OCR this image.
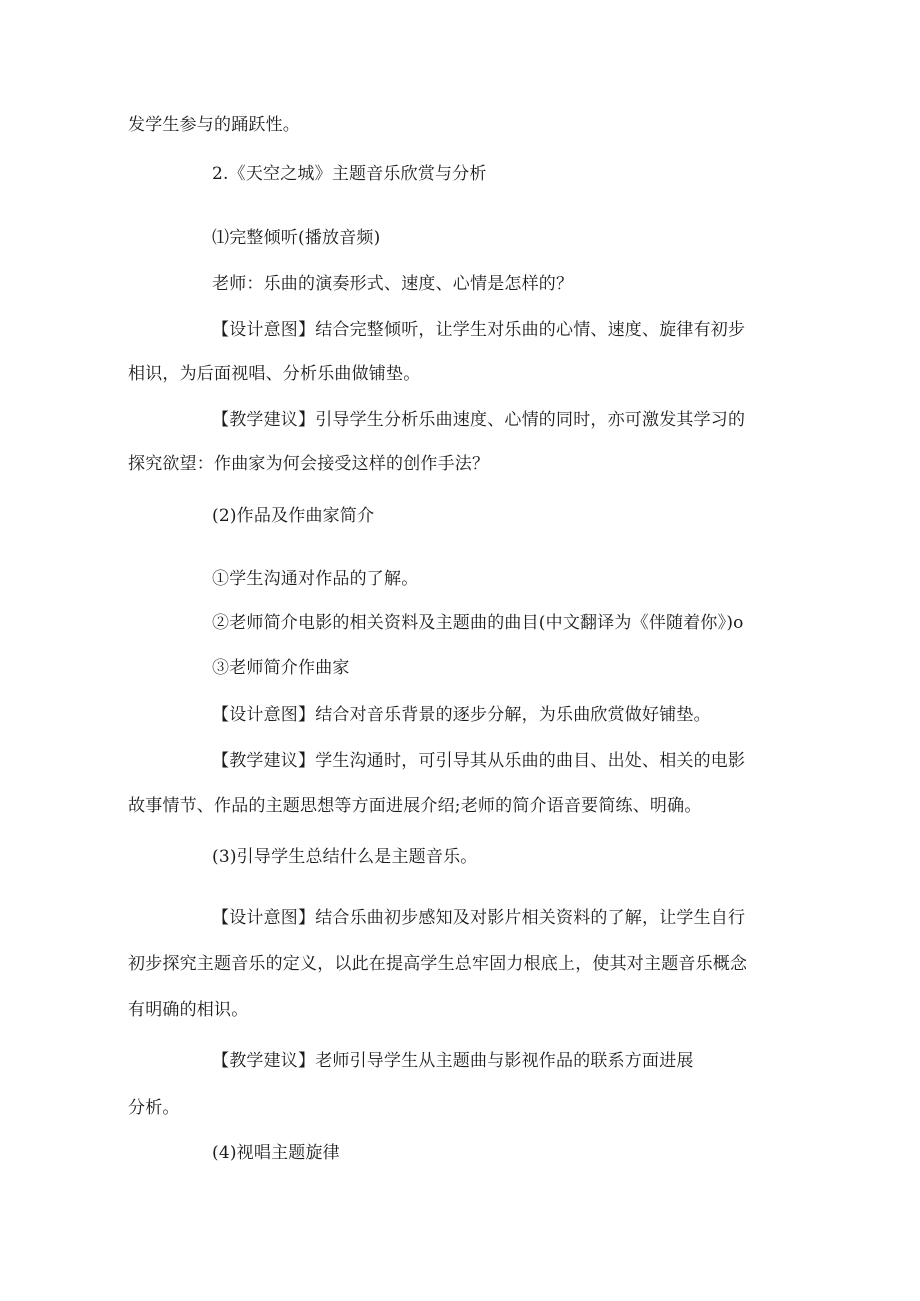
发学生参与的踊跃性。
2.《天空之城》主题音乐欣赏与分析
⑴完整倾听(播放音频)
老师：乐曲的演奏形式、速度、心情是怎样的？
【设计意图】结合完整倾听，让学生对乐曲的心情、速度、旋律有初步
相识，为后面视唱、分析乐曲做铺垫。
【教学建议】引导学生分析乐曲速度、心情的同时，亦可激发其学习的
探究欲望：作曲家为何会接受这样的创作手法？
(2)作品及作曲家简介
①学生沟通对作品的了解。
②老师简介电影的相关资料及主题曲的曲目(中文翻译为《伴随着你》)o
③老师简介作曲家
【设计意图】结合对音乐背景的逐步分解，为乐曲欣赏做好铺垫。
【教学建议】学生沟通时，可引导其从乐曲的曲目、出处、相关的电影
故事情节、作品的主题思想等方面进展介绍;老师的简介语音要简练、明确。
(3)引导学生总结什么是主题音乐。
【设计意图】结合乐曲初步感知及对影片相关资料的了解，让学生自行
初步探究主题音乐的定义，以此在提高学生总牢固力根底上，使其对主题音乐概念
有明确的相识。
【教学建议】老师引导学生从主题曲与影视作品的联系方面进展
分析。
(4)视唱主题旋律
